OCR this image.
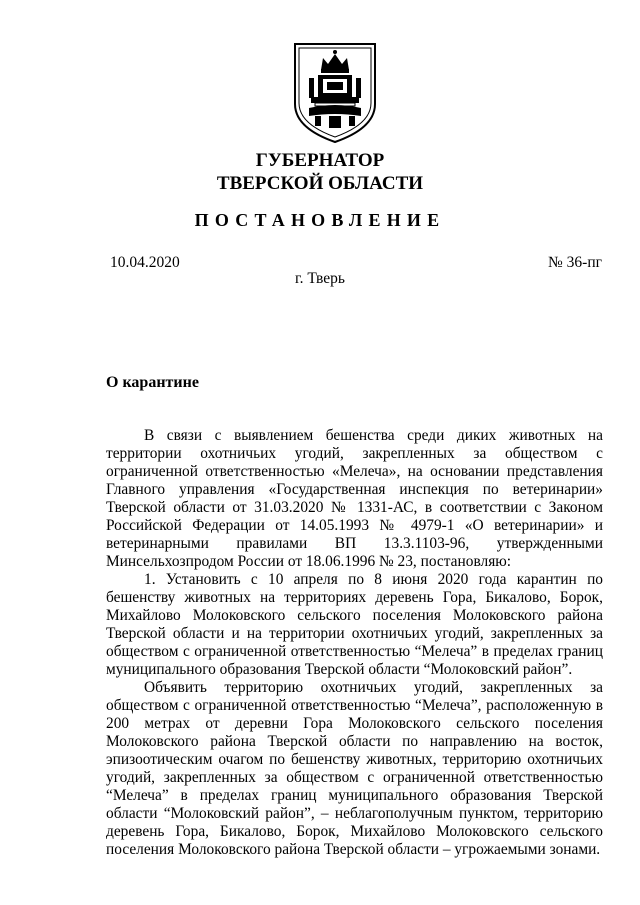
ГУБЕРНАТОР
ТВЕРСКОЙ ОБЛАСТИ
ПОСТАНОВЛЕНИЕ
10.04.2020	№ 36-пг
г. Тверь
О карантине

В связи с выявлением бешенства среди диких животных на территории охотничьих угодий, закрепленных за обществом с ограниченной ответственностью «Мелеча», на основании представления Главного управления «Государственная инспекция по ветеринарии» Тверской области от 31.03.2020 № 1331-АС, в соответствии с Законом Российской Федерации от 14.05.1993 № 4979-1 «О ветеринарии» и ветеринарными правилами ВП 13.3.1103-96, утвержденными Минсельхозпродом России от 18.06.1996 № 23, постановляю:

1. Установить с 10 апреля по 8 июня 2020 года карантин по бешенству животных на территориях деревень Гора, Бикалово, Борок, Михайлово Молоковского сельского поселения Молоковского района Тверской области и на территории охотничьих угодий, закрепленных за обществом с ограниченной ответственностью “Мелеча” в пределах границ муниципального образования Тверской области “Молоковский район”.

Объявить территорию охотничьих угодий, закрепленных за обществом с ограниченной ответственностью “Мелеча”, расположенную в 200 метрах от деревни Гора Молоковского сельского поселения Молоковского района Тверской области по направлению на восток, эпизоотическим очагом по бешенству животных, территорию охотничьих угодий, закрепленных за обществом с ограниченной ответственностью “Мелеча” в пределах границ муниципального образования Тверской области “Молоковский район”, – неблагополучным пунктом, территорию деревень Гора, Бикалово, Борок, Михайлово Молоковского сельского поселения Молоковского района Тверской области – угрожаемыми зонами.
